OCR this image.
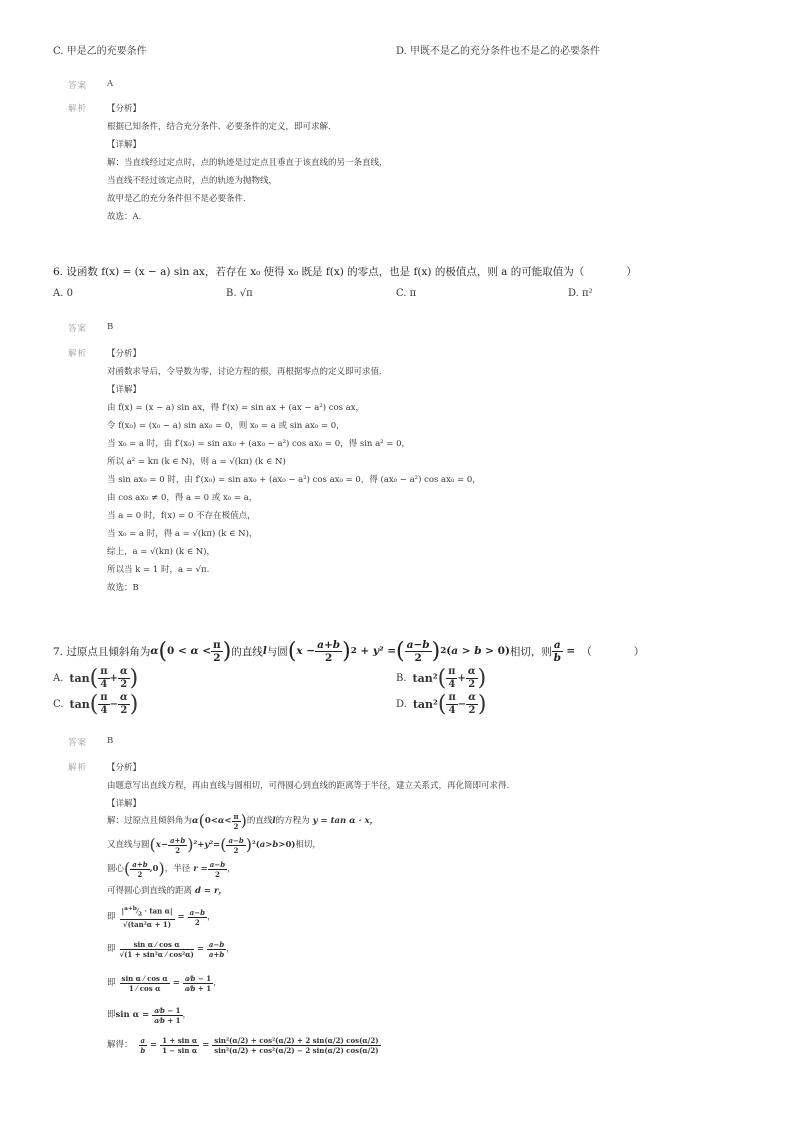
C. 甲是乙的充要条件	D. 甲既不是乙的充分条件也不是乙的必要条件
答案 A
解析 【分析】
根据已知条件，结合充分条件、必要条件的定义，即可求解.
【详解】
解：当直线经过定点时，点的轨迹是过定点且垂直于该直线的另一条直线，
当直线不经过该定点时，点的轨迹为抛物线，
故甲是乙的充分条件但不是必要条件.
故选：A.
6. 设函数 f(x) = (x − a) sin ax，若存在 x₀ 使得 x₀ 既是 f(x) 的零点，也是 f(x) 的极值点，则 a 的可能取值为（　　　　）
A. 0	B. √π	C. π	D. π²
答案 B
解析 【分析】
对函数求导后，令导数为零，讨论方程的根，再根据零点的定义即可求值.
【详解】
由 f(x) = (x − a) sin ax，得 f′(x) = sin ax + (ax − a²) cos ax，
令 f(x₀) = (x₀ − a) sin ax₀ = 0，则 x₀ = a 或 sin ax₀ = 0，
当 x₀ = a 时，由 f′(x₀) = sin ax₀ + (ax₀ − a²) cos ax₀ = 0，得 sin a² = 0，
所以 a² = kπ (k ∈ N)，则 a = √(kπ) (k ∈ N)
当 sin ax₀ = 0 时，由 f′(x₀) = sin ax₀ + (ax₀ − a²) cos ax₀ = 0，得 (ax₀ − a²) cos ax₀ = 0，
由 cos ax₀ ≠ 0，得 a = 0 或 x₀ = a，
当 a = 0 时，f(x) = 0 不存在极值点，
当 x₀ = a 时，得 a = √(kπ) (k ∈ N)，
综上，a = √(kπ) (k ∈ N)，
所以当 k = 1 时，a = √π.
故选：B
7. 过原点且倾斜角为 α ( $0 < \alpha < \frac{\pi}{2}$ ) 的直线 l 与圆 ( $x - \frac{a+b}{2}$ ) 2 + y² = ( $\frac{a-b}{2}$ ) 2 (a > b > 0) 相切，则 $\frac{a}{b}$ = （　　　　）
A. tan ( $\frac{\pi}{4} + \frac{\alpha}{2}$ )	B. tan² ( $\frac{\pi}{4} + \frac{\alpha}{2}$ )
C. tan ( $\frac{\pi}{4} - \frac{\alpha}{2}$ )	D. tan² ( $\frac{\pi}{4} - \frac{\alpha}{2}$ )
答案 B
解析 【分析】
由题意写出直线方程，再由直线与圆相切，可得圆心到直线的距离等于半径，建立关系式，再化简即可求得.
【详解】
解：过原点且倾斜角为 α ( $0<\alpha< \frac{\pi}{2}$ ) 的直线 l 的方程为 y = tan α · x，
又直线与圆 ( $x- \frac{a+b}{2}$ ) ²+y²= ( $\frac{a-b}{2}$ ) ²(a>b>0) 相切，
圆心 ( $\frac{a+b}{2} ,0$ ) ，半径 $r = \frac{a-b}{2}$ ，
可得圆心到直线的距离 d = r，
即 $\frac{|^{a+b}⁄_2 \cdot \tan \alpha|}{\text{√(tan²α + 1)}} = \frac{a-b}{2}$ ，
即 $\frac{\text{sin α ⁄ cos α}}{\text{√(1 + sin²α ⁄ cos²α)}} = \frac{a-b}{a+b}$ ，
即 $\frac{\text{sin α ⁄ cos α}}{\text{1 ⁄ cos α}} = \frac{a⁄b - 1}{a⁄b + 1}$ ，
即 $\sin \alpha = \frac{a⁄b - 1}{a⁄b + 1}$ ，
解得： $\frac{a}{b} = \frac{\text{1 + sin α}}{\text{1 − sin α}} = \frac{\text{sin²(α/2) + cos²(α/2) + 2 sin(α/2) cos(α/2)}}{\text{sin²(α/2) + cos²(α/2) − 2 sin(α/2) cos(α/2)}}$
